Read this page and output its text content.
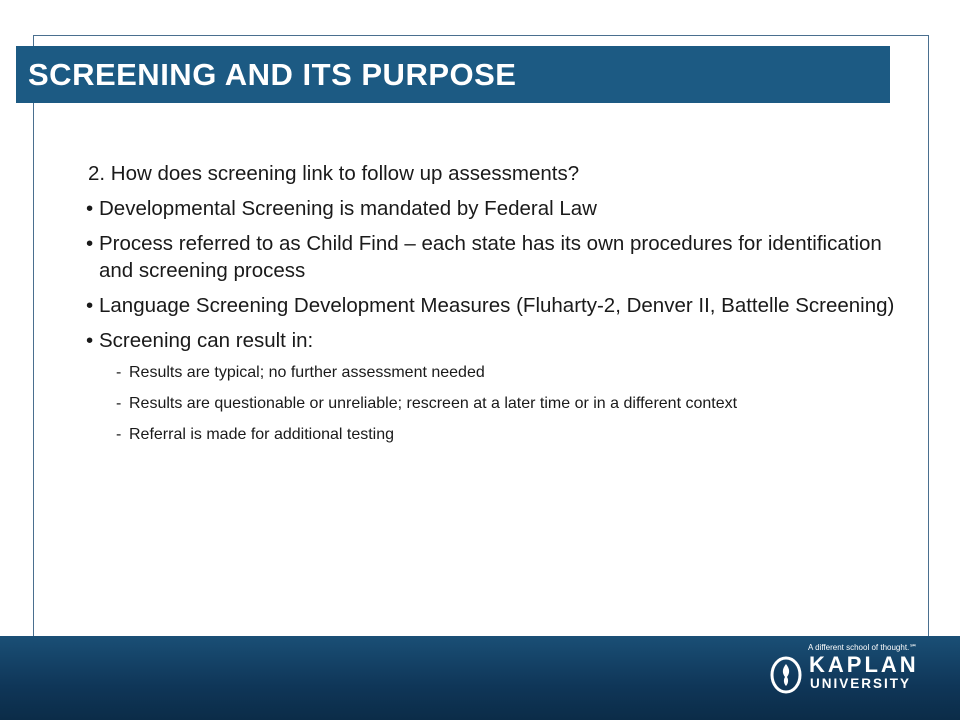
SCREENING AND ITS PURPOSE
2. How does screening link to follow up assessments?
• Developmental Screening is mandated by Federal Law
• Process referred to as Child Find – each state has its own procedures for identification and screening process
• Language Screening Development Measures (Fluharty-2, Denver II, Battelle Screening)
• Screening can result in:
- Results are typical; no further assessment needed
- Results are questionable or unreliable; rescreen at a later time or in a different context
- Referral is made for additional testing
A different school of thought.℠
KAPLAN
UNIVERSITY
